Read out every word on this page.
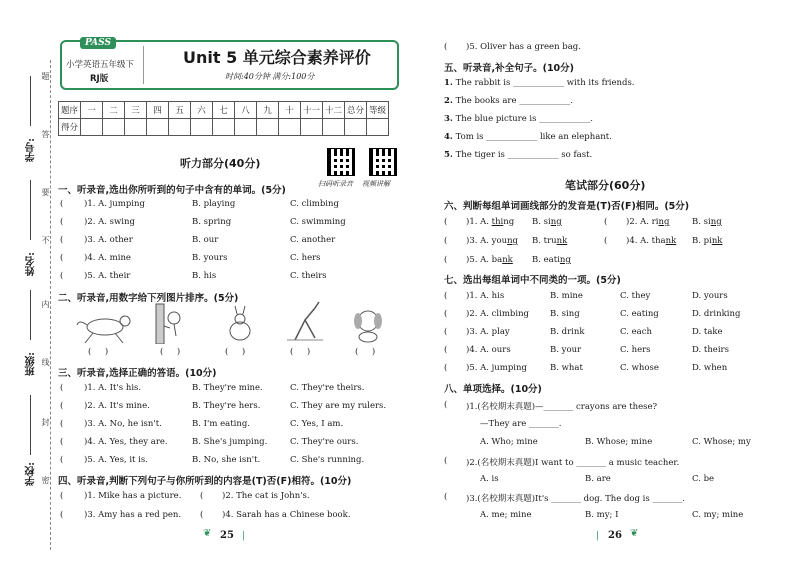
题
答
要
不
内
线
封
密
学号:
姓名:
班级:
学校:
PASS
小学英语五年级下
RJ版
Unit 5 单元综合素养评价
时间:40分钟 满分:100分
题序	一	二	三	四	五	六	七	八	九	十	十一	十二	总分	等级
得分														
听力部分(40分)
扫码听录音 视频讲解
一、听录音,选出你所听到的句子中含有的单词。(5分)
( )1. A. jumping	B. playing	C. climbing
( )2. A. swing	B. spring	C. swimming
( )3. A. other	B. our	C. another
( )4. A. mine	B. yours	C. hers
( )5. A. their	B. his	C. theirs
二、听录音,用数字给下列图片排序。(5分)
(     )	(     )	(     )	(     )	(     )
三、听录音,选择正确的答语。(10分)
( )1. A. It's his.	B. They're mine.	C. They're theirs.
( )2. A. It's mine.	B. They're hers.	C. They are my rulers.
( )3. A. No, he isn't.	B. I'm eating.	C. Yes, I am.
( )4. A. Yes, they are.	B. She's jumping.	C. They're ours.
( )5. A. Yes, it is.	B. No, she isn't.	C. She's running.
四、听录音,判断下列句子与你所听到的内容是(T)否(F)相符。(10分)
( )1. Mike has a picture. ( )2. The cat is John's.
( )3. Amy has a red pen. ( )4. Sarah has a Chinese book.
❦ 25 |
( )5. Oliver has a green bag.
五、听录音,补全句子。(10分)
1. The rabbit is ____________ with its friends.
2. The books are ____________.
3. The blue picture is ____________.
4. Tom is ____________ like an elephant.
5. The tiger is ____________ so fast.
笔试部分(60分)
六、判断每组单词画线部分的发音是(T)否(F)相同。(5分)
( )1. A. thing B. sing	( )2. A. ring	B. sing
( )3. A. young B. trunk	( )4. A. thank B. pink
( )5. A. bank B. eating
七、选出每组单词中不同类的一项。(5分)
( )1. A. his	B. mine	C. they	D. yours
( )2. A. climbing B. sing	C. eating	D. drinking
( )3. A. play	B. drink	C. each	D. take
( )4. A. ours	B. your	C. hers	D. theirs
( )5. A. jumping	B. what	C. whose	D. when
八、单项选择。(10分)
( )1.(名校期末真题)—_______ crayons are these?
—They are _______.
A. Who; mine	B. Whose; mine	C. Whose; my
( )2.(名校期末真题)I want to _______ a music teacher.
A. is	B. are	C. be
( )3.(名校期末真题)It's _______ dog. The dog is _______.
A. me; mine	B. my; I	C. my; mine
| 26 ❦
